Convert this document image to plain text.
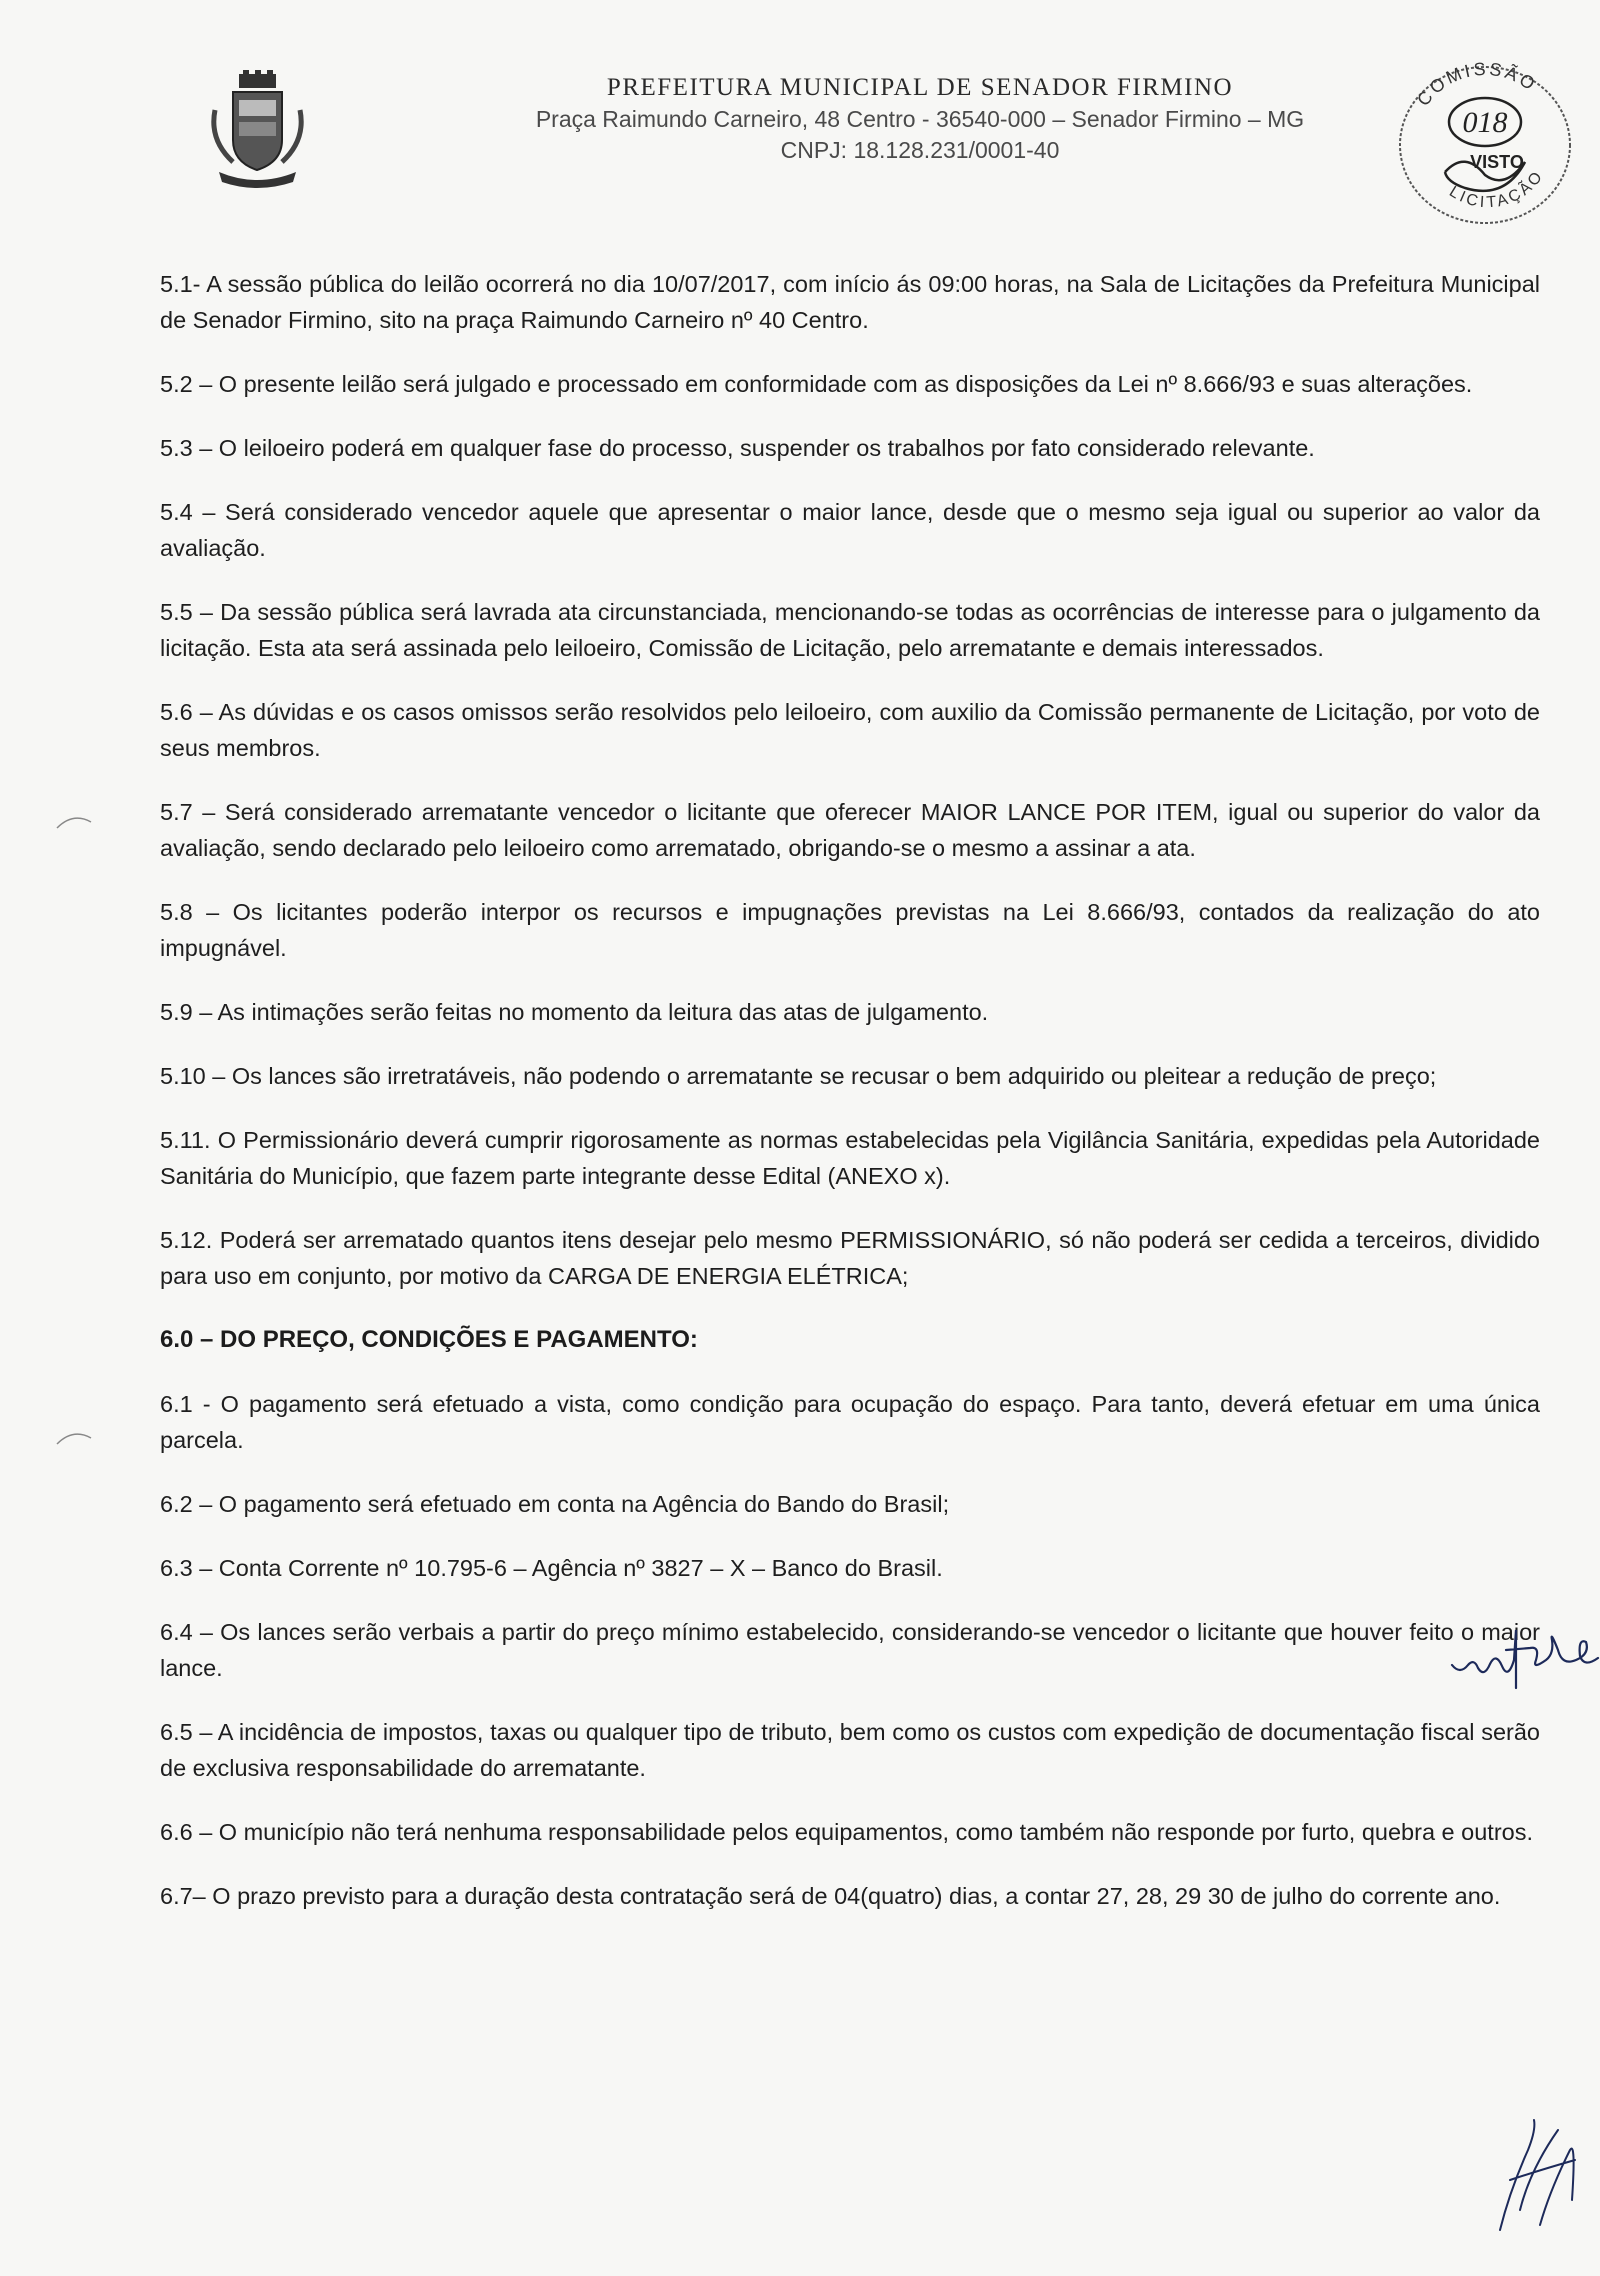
PREFEITURA MUNICIPAL DE SENADOR FIRMINO
Praça Raimundo Carneiro, 48 Centro - 36540-000 – Senador Firmino – MG
CNPJ: 18.128.231/0001-40
COMISSÃO
LICITAÇÃO
018
VISTO

5.1- A sessão pública do leilão ocorrerá no dia 10/07/2017, com início ás 09:00 horas, na Sala de Licitações da Prefeitura Municipal de Senador Firmino, sito na praça Raimundo Carneiro nº 40 Centro.

5.2 – O presente leilão será julgado e processado em conformidade com as disposições da Lei nº 8.666/93 e suas alterações.

5.3 – O leiloeiro poderá em qualquer fase do processo, suspender os trabalhos por fato considerado relevante.

5.4 – Será considerado vencedor aquele que apresentar o maior lance, desde que o mesmo seja igual ou superior ao valor da avaliação.

5.5 – Da sessão pública será lavrada ata circunstanciada, mencionando-se todas as ocorrências de interesse para o julgamento da licitação. Esta ata será assinada pelo leiloeiro, Comissão de Licitação, pelo arrematante e demais interessados.

5.6 – As dúvidas e os casos omissos serão resolvidos pelo leiloeiro, com auxilio da Comissão permanente de Licitação, por voto de seus membros.

5.7 – Será considerado arrematante vencedor o licitante que oferecer MAIOR LANCE POR ITEM, igual ou superior do valor da avaliação, sendo declarado pelo leiloeiro como arrematado, obrigando-se o mesmo a assinar a ata.

5.8 – Os licitantes poderão interpor os recursos e impugnações previstas na Lei 8.666/93, contados da realização do ato impugnável.

5.9 – As intimações serão feitas no momento da leitura das atas de julgamento.

5.10 – Os lances são irretratáveis, não podendo o arrematante se recusar o bem adquirido ou pleitear a redução de preço;

5.11. O Permissionário deverá cumprir rigorosamente as normas estabelecidas pela Vigilância Sanitária, expedidas pela Autoridade Sanitária do Município, que fazem parte integrante desse Edital (ANEXO x).

5.12. Poderá ser arrematado quantos itens desejar pelo mesmo PERMISSIONÁRIO, só não poderá ser cedida a terceiros, dividido para uso em conjunto, por motivo da CARGA DE ENERGIA ELÉTRICA;

6.0 – DO PREÇO, CONDIÇÕES E PAGAMENTO:

6.1 - O pagamento será efetuado a vista, como condição para ocupação do espaço. Para tanto, deverá efetuar em uma única parcela.

6.2 – O pagamento será efetuado em conta na Agência do Bando do Brasil;

6.3 – Conta Corrente nº 10.795-6 – Agência nº 3827 – X – Banco do Brasil.

6.4 – Os lances serão verbais a partir do preço mínimo estabelecido, considerando-se vencedor o licitante que houver feito o maior lance.

6.5 – A incidência de impostos, taxas ou qualquer tipo de tributo, bem como os custos com expedição de documentação fiscal serão de exclusiva responsabilidade do arrematante.

6.6 – O município não terá nenhuma responsabilidade pelos equipamentos, como também não responde por furto, quebra e outros.

6.7– O prazo previsto para a duração desta contratação será de 04(quatro) dias, a contar 27, 28, 29 30 de julho do corrente ano.
